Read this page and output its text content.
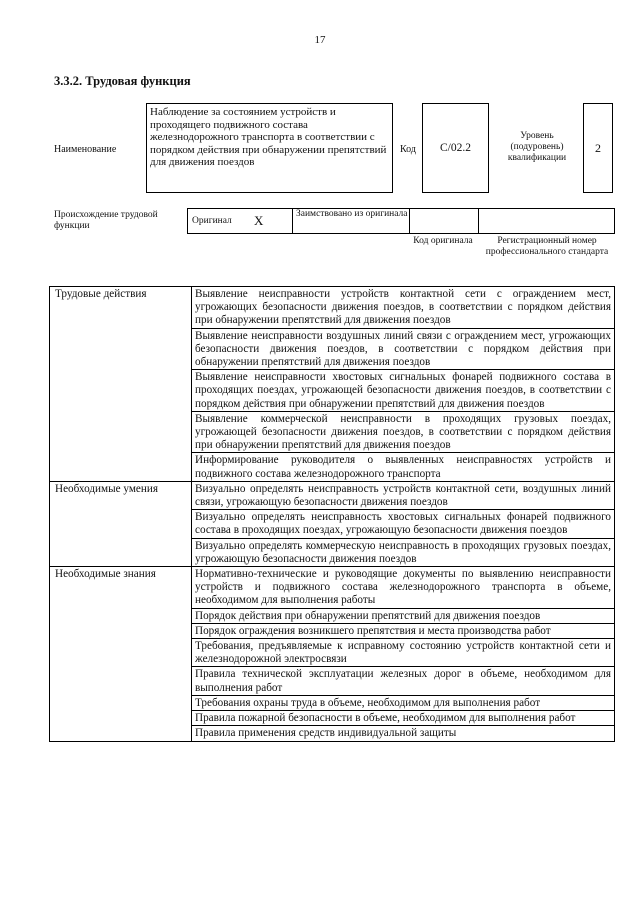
17
3.3.2. Трудовая функция
Наименование
Наблюдение за состоянием устройств и проходящего подвижного состава железнодорожного транспорта в соответствии с порядком действия при обнаружении препятствий для движения поездов
Код C/02.2
Уровень (подуровень) квалификации
2
Происхождение трудовой функции	Оригинал	X	Заимствовано из оригинала
Код оригинала	Регистрационный номер профессионального стандарта
Трудовые действия	Выявление неисправности устройств контактной сети с ограждением мест, угрожающих безопасности движения поездов, в соответствии с порядком действия при обнаружении препятствий для движения поездов
	Выявление неисправности воздушных линий связи с ограждением мест, угрожающих безопасности движения поездов, в соответствии с порядком действия при обнаружении препятствий для движения поездов
	Выявление неисправности хвостовых сигнальных фонарей подвижного состава в проходящих поездах, угрожающей безопасности движения поездов, в соответствии с порядком действия при обнаружении препятствий для движения поездов
	Выявление коммерческой неисправности в проходящих грузовых поездах, угрожающей безопасности движения поездов, в соответствии с порядком действия при обнаружении препятствий для движения поездов
	Информирование руководителя о выявленных неисправностях устройств и подвижного состава железнодорожного транспорта
Необходимые умения	Визуально определять неисправность устройств контактной сети, воздушных линий связи, угрожающую безопасности движения поездов
	Визуально определять неисправность хвостовых сигнальных фонарей подвижного состава в проходящих поездах, угрожающую безопасности движения поездов
	Визуально определять коммерческую неисправность в проходящих грузовых поездах, угрожающую безопасности движения поездов
Необходимые знания	Нормативно-технические и руководящие документы по выявлению неисправности устройств и подвижного состава железнодорожного транспорта в объеме, необходимом для выполнения работы
	Порядок действия при обнаружении препятствий для движения поездов
	Порядок ограждения возникшего препятствия и места производства работ
	Требования, предъявляемые к исправному состоянию устройств контактной сети и железнодорожной электросвязи
	Правила технической эксплуатации железных дорог в объеме, необходимом для выполнения работ
	Требования охраны труда в объеме, необходимом для выполнения работ
	Правила пожарной безопасности в объеме, необходимом для выполнения работ
	Правила применения средств индивидуальной защиты
